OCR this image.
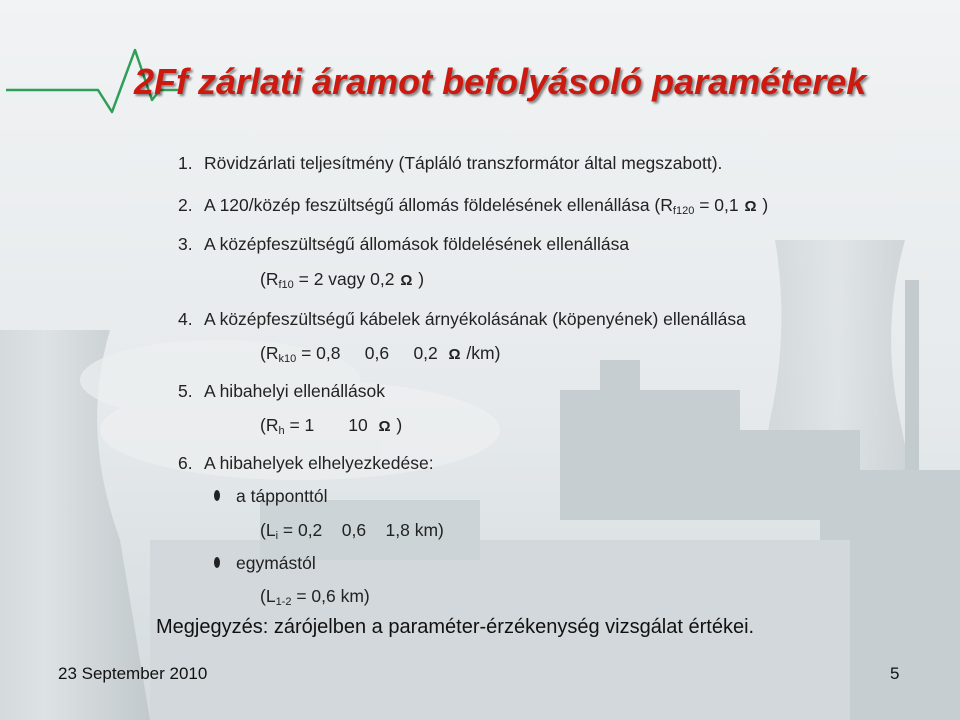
2Ff zárlati áramot befolyásoló paraméterek
1. Rövidzárlati teljesítmény (Tápláló transzformátor által megszabott).
2. A 120/közép feszültségű állomás földelésének ellenállása ($R_{f120} = 0,1$ Ω )
3. A középfeszültségű állomások földelésének ellenállása
($R_{f10} = 2$ vagy 0,2 Ω )
4. A középfeszültségű kábelek árnyékolásának (köpenyének) ellenállása
($R_{k10} = 0,8$     0,6     0,2  Ω /km)
5. A hibahelyi ellenállások
($R_h = 1$       10  Ω )
6. A hibahelyek elhelyezkedése:
a tápponttól
($L_i = 0,2$    0,6    1,8 km)
egymástól
($L_{1-2} = 0,6$ km)
Megjegyzés: zárójelben a paraméter-érzékenység vizsgálat értékei.
23 September 2010	5
